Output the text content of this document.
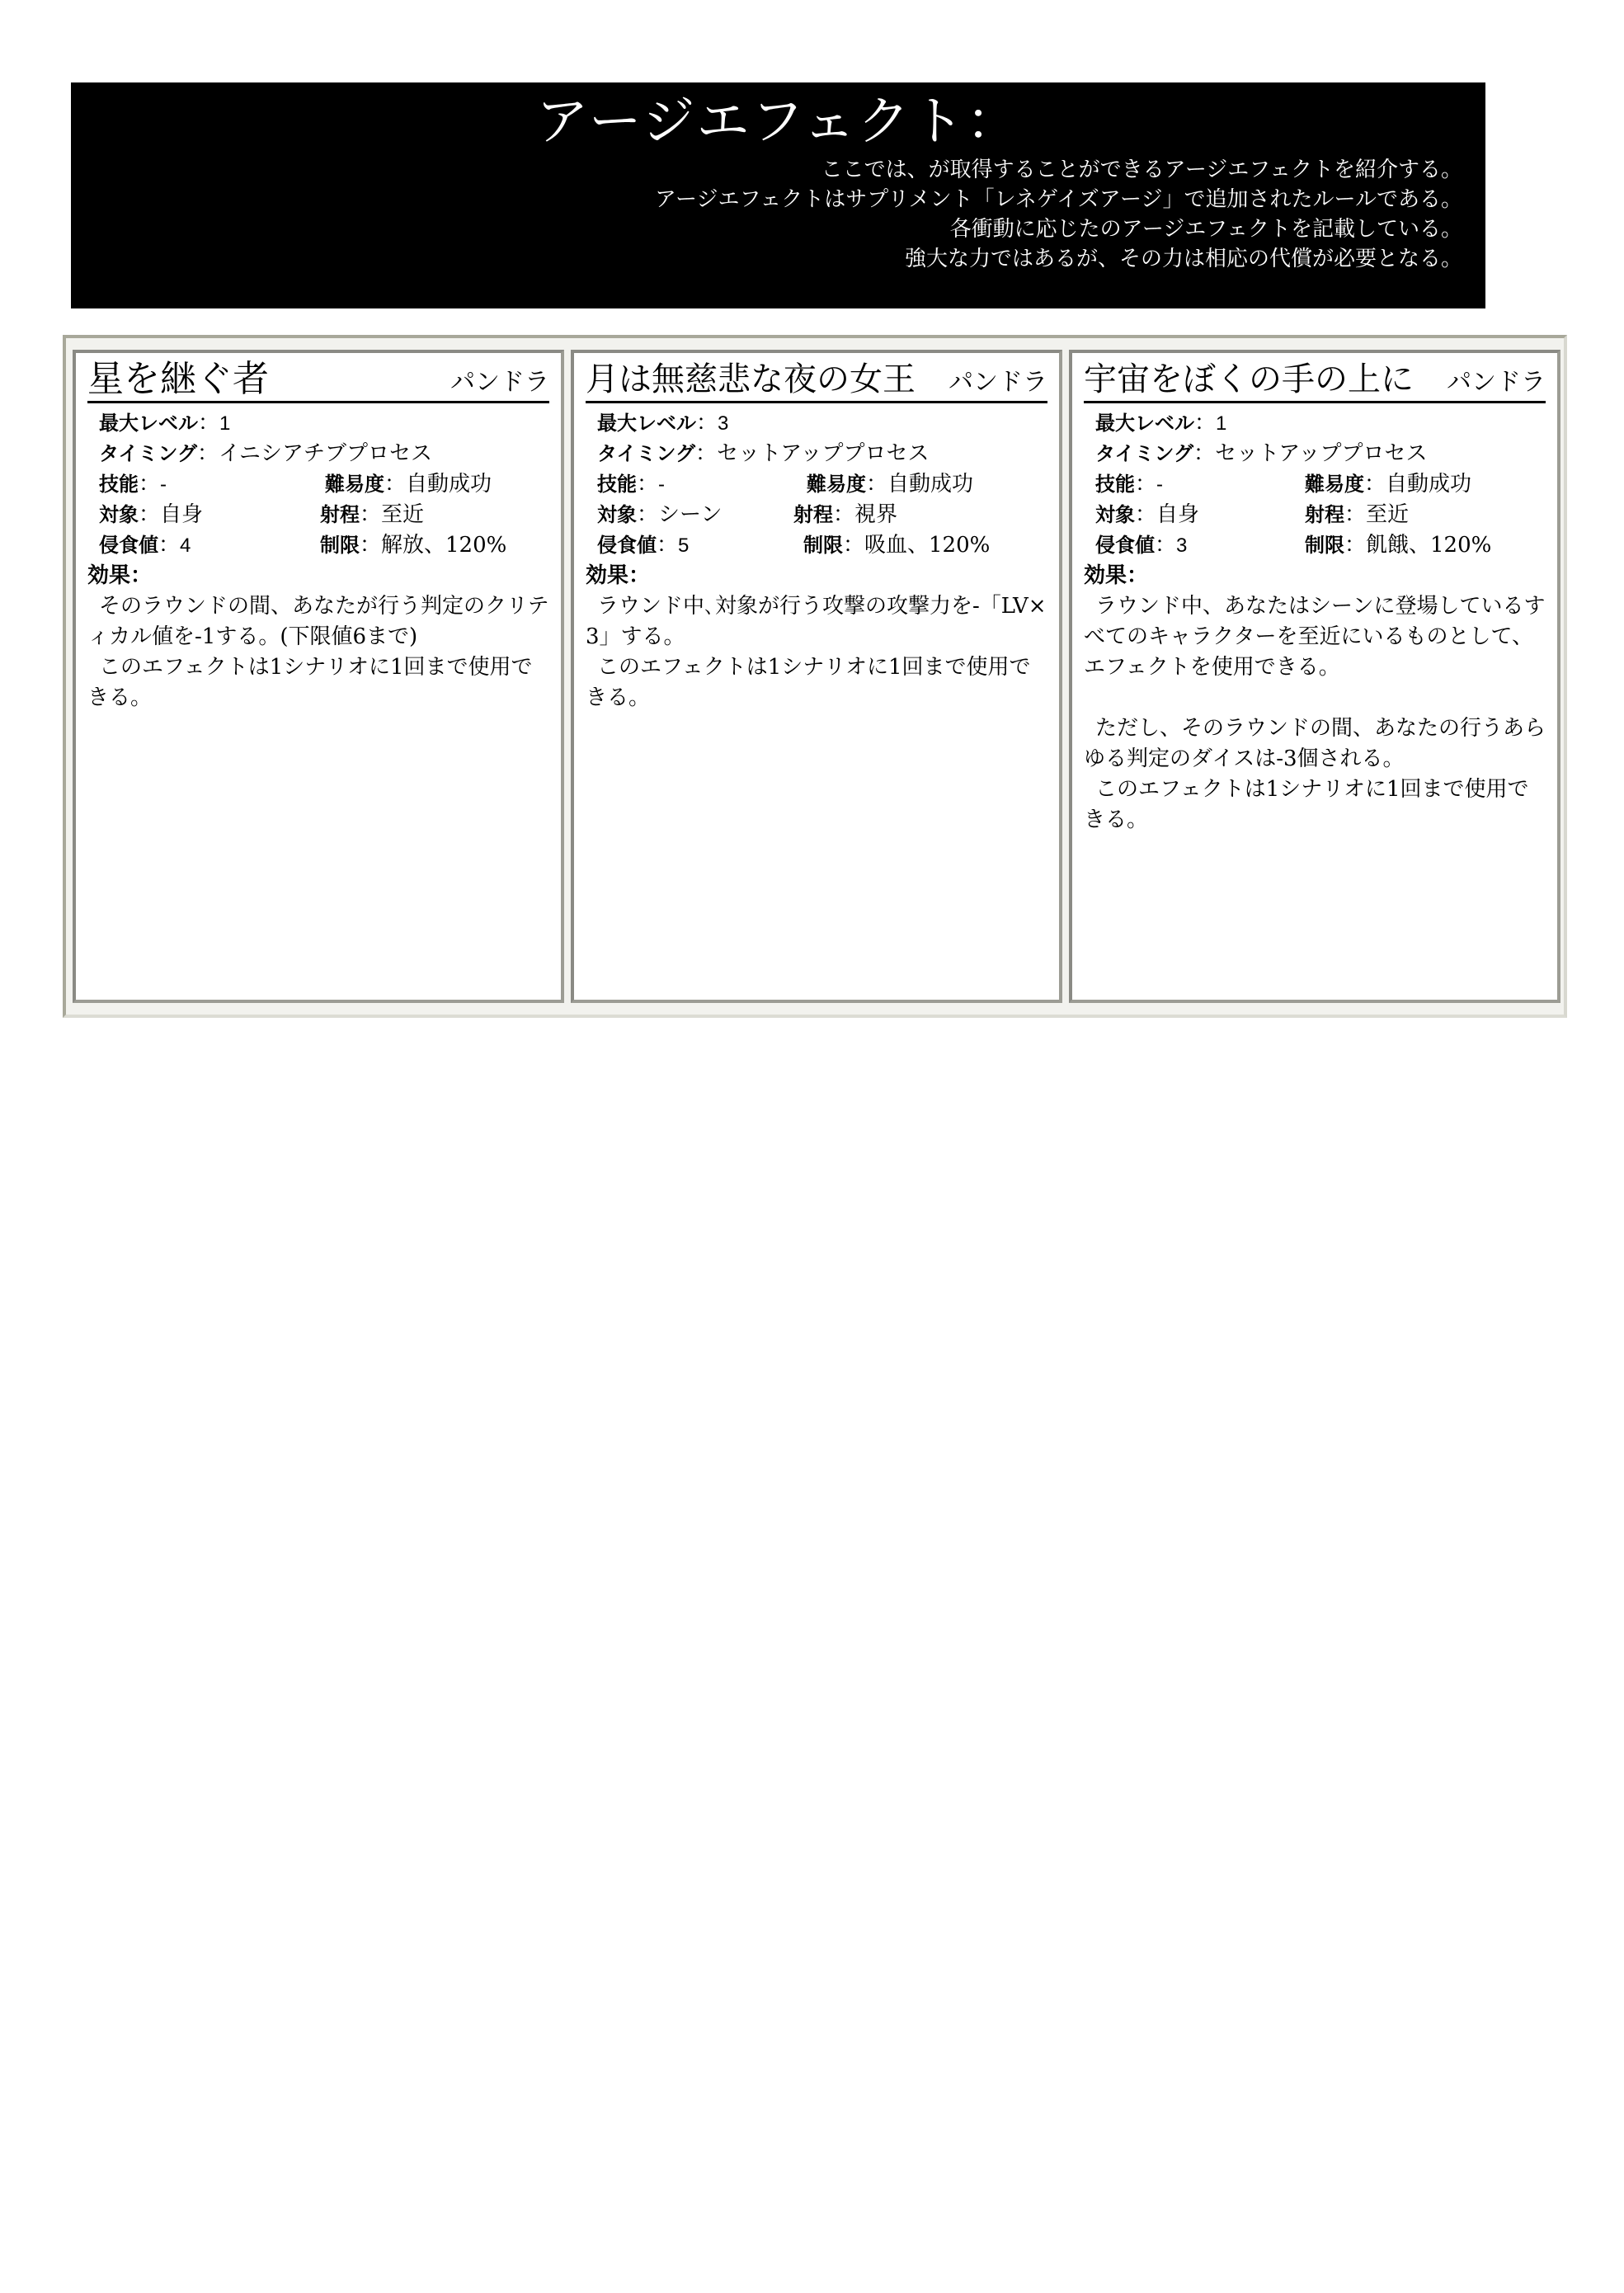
アージエフェクト：
ここでは、が取得することができるアージエフェクトを紹介する。
アージエフェクトはサプリメント「レネゲイズアージ」で追加されたルールである。
各衝動に応じたのアージエフェクトを記載している。
強大な力ではあるが、その力は相応の代償が必要となる。
星を継ぐ者	パンドラ
最大レベル：1
タイミング：イニシアチブプロセス
技能：-	難易度：自動成功
対象：自身	射程：至近
侵食値：4	制限：解放、120%
効果：

そのラウンドの間、あなたが行う判定のクリティカル値を-1する。(下限値6まで)

このエフェクトは1シナリオに1回まで使用できる。

月は無慈悲な夜の女王	パンドラ
最大レベル：3
タイミング：セットアッププロセス
技能：-	難易度：自動成功
対象：シーン	射程：視界
侵食値：5	制限：吸血、120%
効果：

ラウンド中､対象が行う攻撃の攻撃力を-「LV×3」する。

このエフェクトは1シナリオに1回まで使用できる。

宇宙をぼくの手の上に	パンドラ
最大レベル：1
タイミング：セットアッププロセス
技能：-	難易度：自動成功
対象：自身	射程：至近
侵食値：3	制限：飢餓、120%
効果：

ラウンド中、あなたはシーンに登場しているすべてのキャラクターを至近にいるものとして、エフェクトを使用できる。

ただし、そのラウンドの間、あなたの行うあらゆる判定のダイスは-3個される。

このエフェクトは1シナリオに1回まで使用できる。
